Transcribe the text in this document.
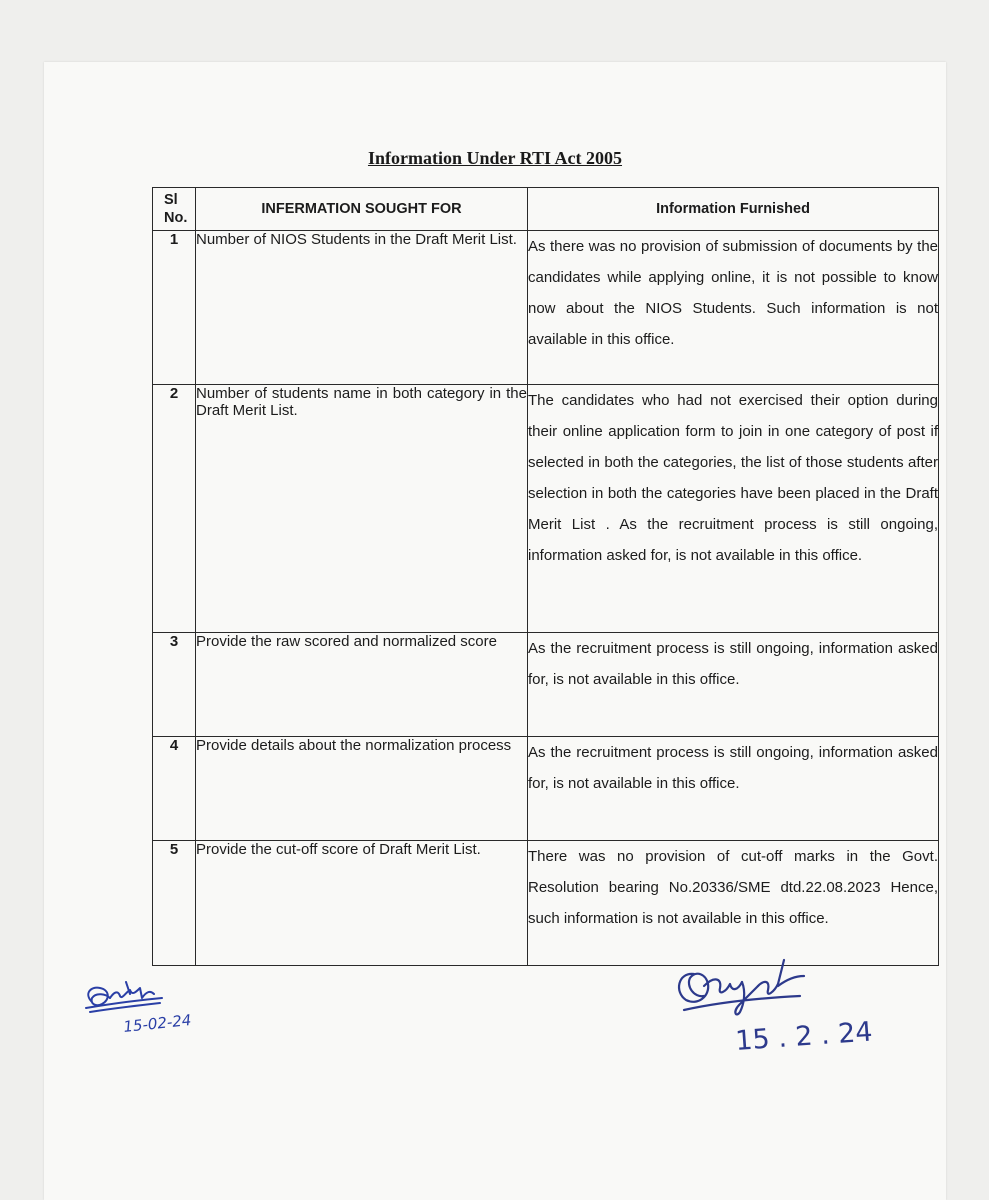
Information Under RTI Act 2005
Sl No.	INFERMATION SOUGHT FOR	Information Furnished
1	Number of NIOS Students in the Draft Merit List.	As there was no provision of submission of documents by the candidates while applying online, it is not possible to know now about the NIOS Students. Such information is not available in this office.
2	Number of students name in both category in the Draft Merit List.	The candidates who had not exercised their option during their online application form to join in one category of post if selected in both the categories, the list of those students after selection in both the categories have been placed in the Draft Merit List . As the recruitment process is still ongoing, information asked for, is not available in this office.
3	Provide the raw scored and normalized score	As the recruitment process is still ongoing, information asked for, is not available in this office.
4	Provide details about the normalization process	As the recruitment process is still ongoing, information asked for, is not available in this office.
5	Provide the cut-off score of Draft Merit List.	There was no provision of cut-off marks in the Govt. Resolution bearing No.20336/SME dtd.22.08.2023 Hence, such information is not available in this office.
15-02-24	15 . 2 . 24
